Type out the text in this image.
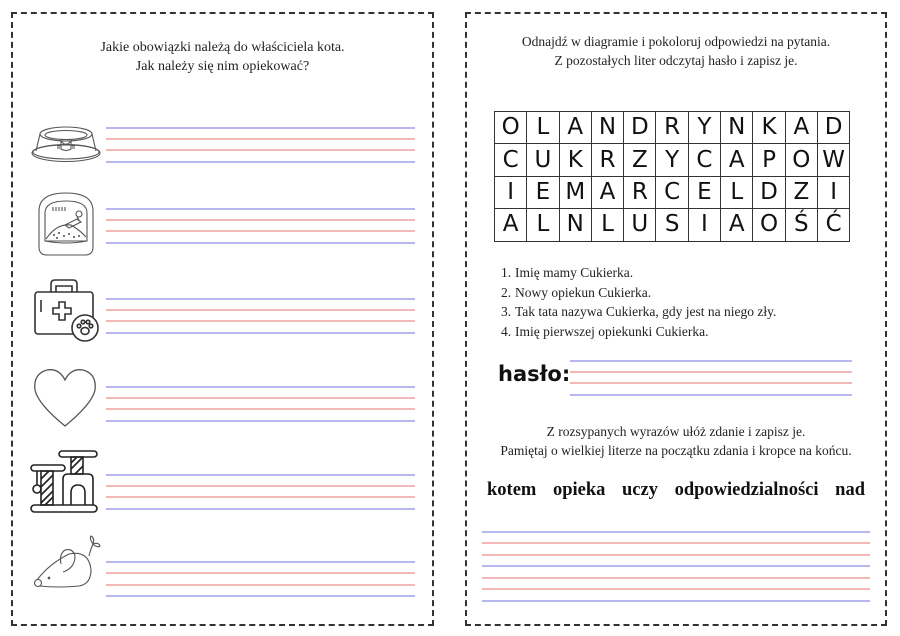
Jakie obowiązki należą do właściciela kota.
Jak należy się nim opiekować?
Odnajdź w diagramie i pokoloruj odpowiedzi na pytania.
Z pozostałych liter odczytaj hasło i zapisz je.
O	L	A	N	D	R	Y	N	K	A	D
C	U	K	R	Z	Y	C	A	P	O	W
I	E	M	A	R	C	E	L	D	Z	I
A	L	N	L	U	S	I	A	O	Ś	Ć
1. Imię mamy Cukierka.
2. Nowy opiekun Cukierka.
3. Tak tata nazywa Cukierka, gdy jest na niego zły.
4. Imię pierwszej opiekunki Cukierka.
hasło:
Z rozsypanych wyrazów ułóż zdanie i zapisz je.
Pamiętaj o wielkiej literze na początku zdania i kropce na końcu.
kotem opieka uczy odpowiedzialności nad
